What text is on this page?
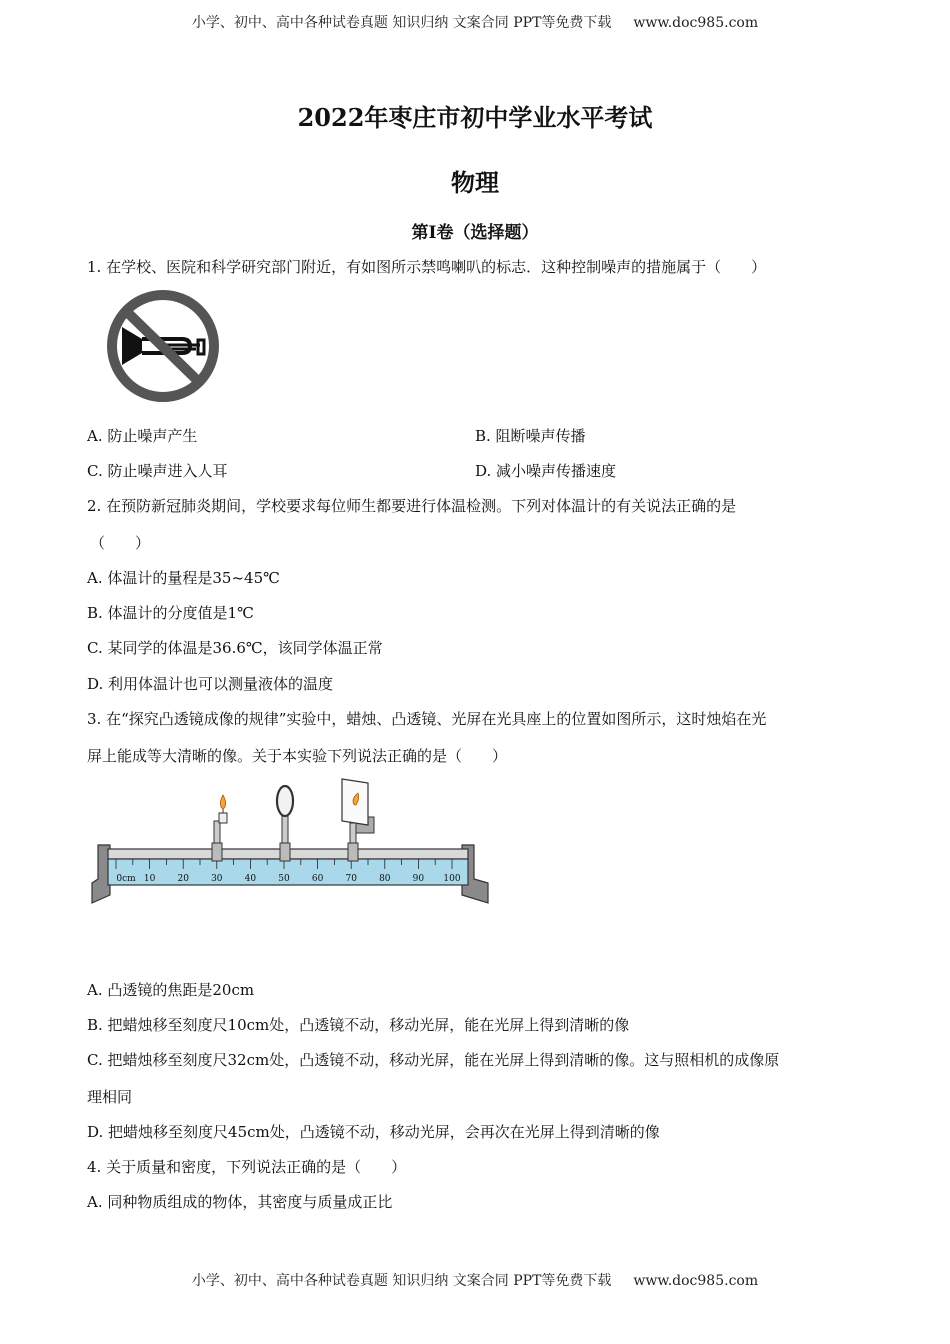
小学、初中、高中各种试卷真题 知识归纳 文案合同 PPT等免费下载 www.doc985.com
2022年枣庄市初中学业水平考试
物理
第I卷（选择题）
1. 在学校、医院和科学研究部门附近，有如图所示禁鸣喇叭的标志．这种控制噪声的措施属于（　　）
A. 防止噪声产生	B. 阻断噪声传播
C. 防止噪声进入人耳	D. 减小噪声传播速度
2. 在预防新冠肺炎期间，学校要求每位师生都要进行体温检测。下列对体温计的有关说法正确的是
（　　）
A. 体温计的量程是35~45℃
B. 体温计的分度值是1℃
C. 某同学的体温是36.6℃，该同学体温正常
D. 利用体温计也可以测量液体的温度
3. 在“探究凸透镜成像的规律”实验中，蜡烛、凸透镜、光屏在光具座上的位置如图所示，这时烛焰在光
屏上能成等大清晰的像。关于本实验下列说法正确的是（　　）
0cm 10 20 30 40 50 60 70 80 90 100
A. 凸透镜的焦距是20cm
B. 把蜡烛移至刻度尺10cm处，凸透镜不动，移动光屏，能在光屏上得到清晰的像
C. 把蜡烛移至刻度尺32cm处，凸透镜不动，移动光屏，能在光屏上得到清晰的像。这与照相机的成像原
理相同
D. 把蜡烛移至刻度尺45cm处，凸透镜不动，移动光屏，会再次在光屏上得到清晰的像
4. 关于质量和密度，下列说法正确的是（　　）
A. 同种物质组成的物体，其密度与质量成正比
小学、初中、高中各种试卷真题 知识归纳 文案合同 PPT等免费下载 www.doc985.com
